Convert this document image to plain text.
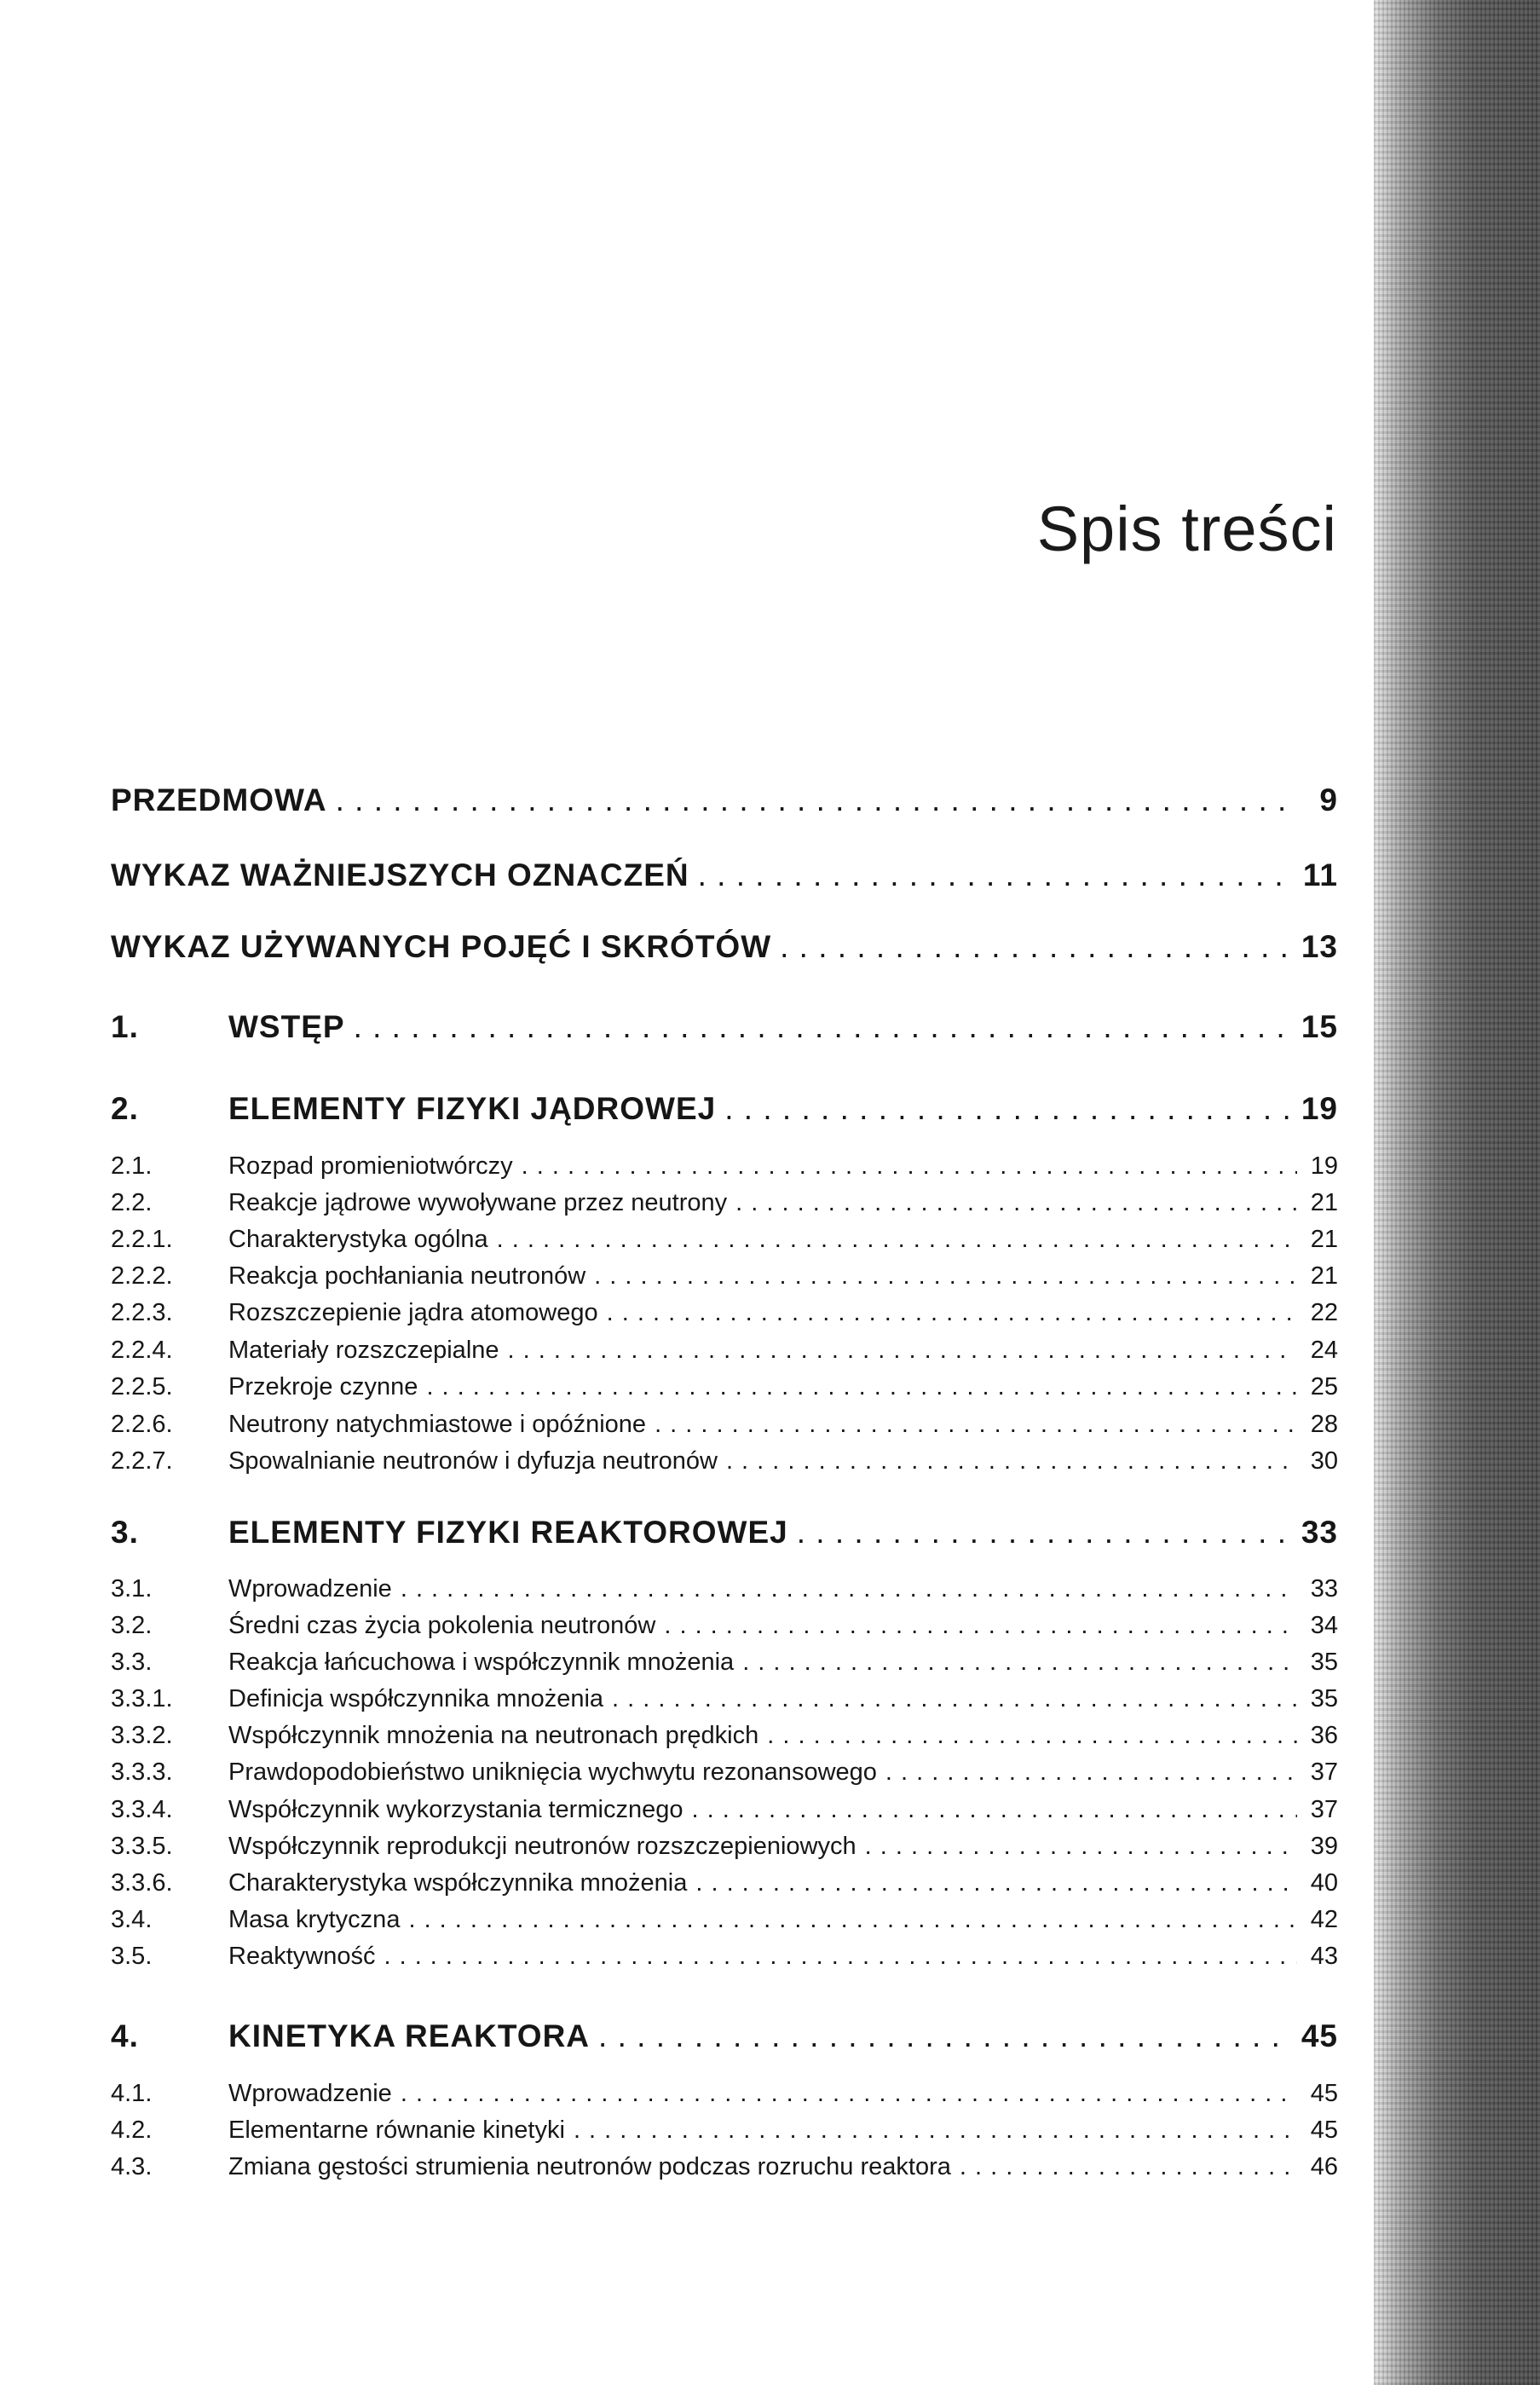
Spis treści
PRZEDMOWA . . .	9
WYKAZ WAŻNIEJSZYCH OZNACZEŃ . . .	11
WYKAZ UŻYWANYCH POJĘĆ I SKRÓTÓW . . .	13
1.	WSTĘP . . .	15
2.	ELEMENTY FIZYKI JĄDROWEJ . . .	19
2.1.	Rozpad promieniotwórczy . . .	19
2.2.	Reakcje jądrowe wywoływane przez neutrony . . .	21
2.2.1.	Charakterystyka ogólna . . .	21
2.2.2.	Reakcja pochłaniania neutronów . . .	21
2.2.3.	Rozszczepienie jądra atomowego . . .	22
2.2.4.	Materiały rozszczepialne . . .	24
2.2.5.	Przekroje czynne . . .	25
2.2.6.	Neutrony natychmiastowe i opóźnione . . .	28
2.2.7.	Spowalnianie neutronów i dyfuzja neutronów . . .	30
3.	ELEMENTY FIZYKI REAKTOROWEJ . . .	33
3.1.	Wprowadzenie . . .	33
3.2.	Średni czas życia pokolenia neutronów . . .	34
3.3.	Reakcja łańcuchowa i współczynnik mnożenia . . .	35
3.3.1.	Definicja współczynnika mnożenia . . .	35
3.3.2.	Współczynnik mnożenia na neutronach prędkich . . .	36
3.3.3.	Prawdopodobieństwo uniknięcia wychwytu rezonansowego . . .	37
3.3.4.	Współczynnik wykorzystania termicznego . . .	37
3.3.5.	Współczynnik reprodukcji neutronów rozszczepieniowych . . .	39
3.3.6.	Charakterystyka współczynnika mnożenia . . .	40
3.4.	Masa krytyczna . . .	42
3.5.	Reaktywność . . .	43
4.	KINETYKA REAKTORA . . .	45
4.1.	Wprowadzenie . . .	45
4.2.	Elementarne równanie kinetyki . . .	45
4.3.	Zmiana gęstości strumienia neutronów podczas rozruchu reaktora . . .	46
